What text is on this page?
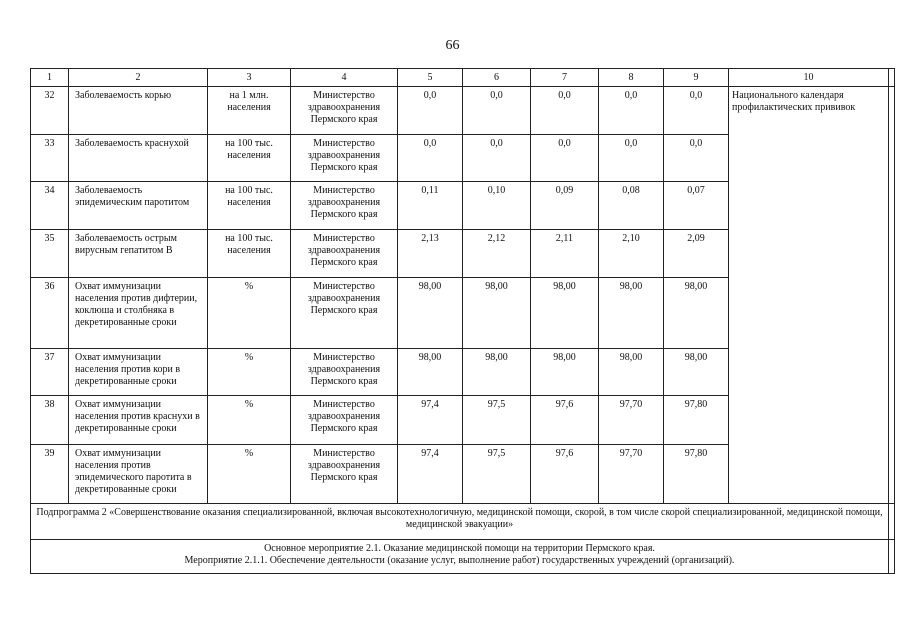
66
1	2	3	4	5	6	7	8	9	10	
32	Заболеваемость корью	на 1 млн. населения	Министерство здравоохранения Пермского края	0,0	0,0	0,0	0,0	0,0	Национального календаря профилактических прививок	
33	Заболеваемость краснухой	на 100 тыс. населения	Министерство здравоохранения Пермского края	0,0	0,0	0,0	0,0	0,0		
34	Заболеваемость эпидемическим паротитом	на 100 тыс. населения	Министерство здравоохранения Пермского края	0,11	0,10	0,09	0,08	0,07		
35	Заболеваемость острым вирусным гепатитом В	на 100 тыс. населения	Министерство здравоохранения Пермского края	2,13	2,12	2,11	2,10	2,09		
36	Охват иммунизации населения против дифтерии, коклюша и столбняка в декретированные сроки	%	Министерство здравоохранения Пермского края	98,00	98,00	98,00	98,00	98,00		
37	Охват иммунизации населения против кори в декретированные сроки	%	Министерство здравоохранения Пермского края	98,00	98,00	98,00	98,00	98,00		
38	Охват иммунизации населения против краснухи в декретированные сроки	%	Министерство здравоохранения Пермского края	97,4	97,5	97,6	97,70	97,80		
39	Охват иммунизации населения против эпидемического паротита в декретированные сроки	%	Министерство здравоохранения Пермского края	97,4	97,5	97,6	97,70	97,80		
Подпрограмма 2 «Совершенствование оказания специализированной, включая высокотехнологичную, медицинской помощи, скорой, в том числе скорой специализированной, медицинской помощи, медицинской эвакуации»										

Основное мероприятие 2.1. Оказание медицинской помощи на территории Пермского края.
Мероприятие 2.1.1. Обеспечение деятельности (оказание услуг, выполнение работ) государственных учреждений (организаций).										
